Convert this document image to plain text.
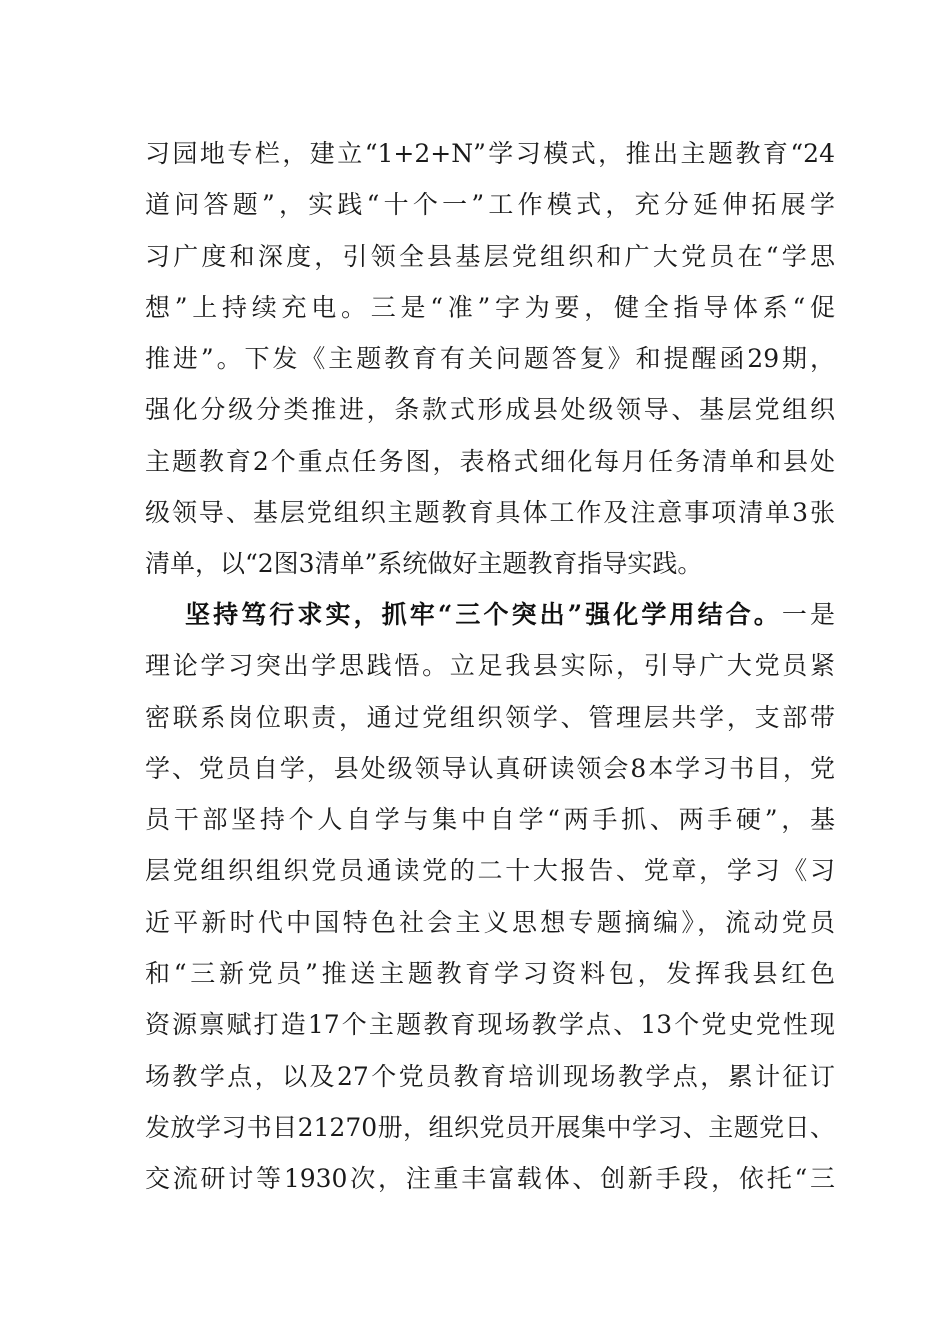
习园地专栏，建立“1+2+N”学习模式，推出主题教育“24
道问答题”，实践“十个一”工作模式，充分延伸拓展学
习广度和深度，引领全县基层党组织和广大党员在“学思
想”上持续充电。三是“准”字为要，健全指导体系“促
推进”。下发《主题教育有关问题答复》和提醒函29期，
强化分级分类推进，条款式形成县处级领导、基层党组织
主题教育2个重点任务图，表格式细化每月任务清单和县处
级领导、基层党组织主题教育具体工作及注意事项清单3张
清单，以“2图3清单”系统做好主题教育指导实践。
坚持笃行求实，抓牢“三个突出”强化学用结合。一是
理论学习突出学思践悟。立足我县实际，引导广大党员紧
密联系岗位职责，通过党组织领学、管理层共学，支部带
学、党员自学，县处级领导认真研读领会8本学习书目，党
员干部坚持个人自学与集中自学“两手抓、两手硬”，基
层党组织组织党员通读党的二十大报告、党章，学习《习
近平新时代中国特色社会主义思想专题摘编》，流动党员
和“三新党员”推送主题教育学习资料包，发挥我县红色
资源禀赋打造17个主题教育现场教学点、13个党史党性现
场教学点，以及27个党员教育培训现场教学点，累计征订
发放学习书目21270册，组织党员开展集中学习、主题党日、
交流研讨等1930次，注重丰富载体、创新手段，依托“三
